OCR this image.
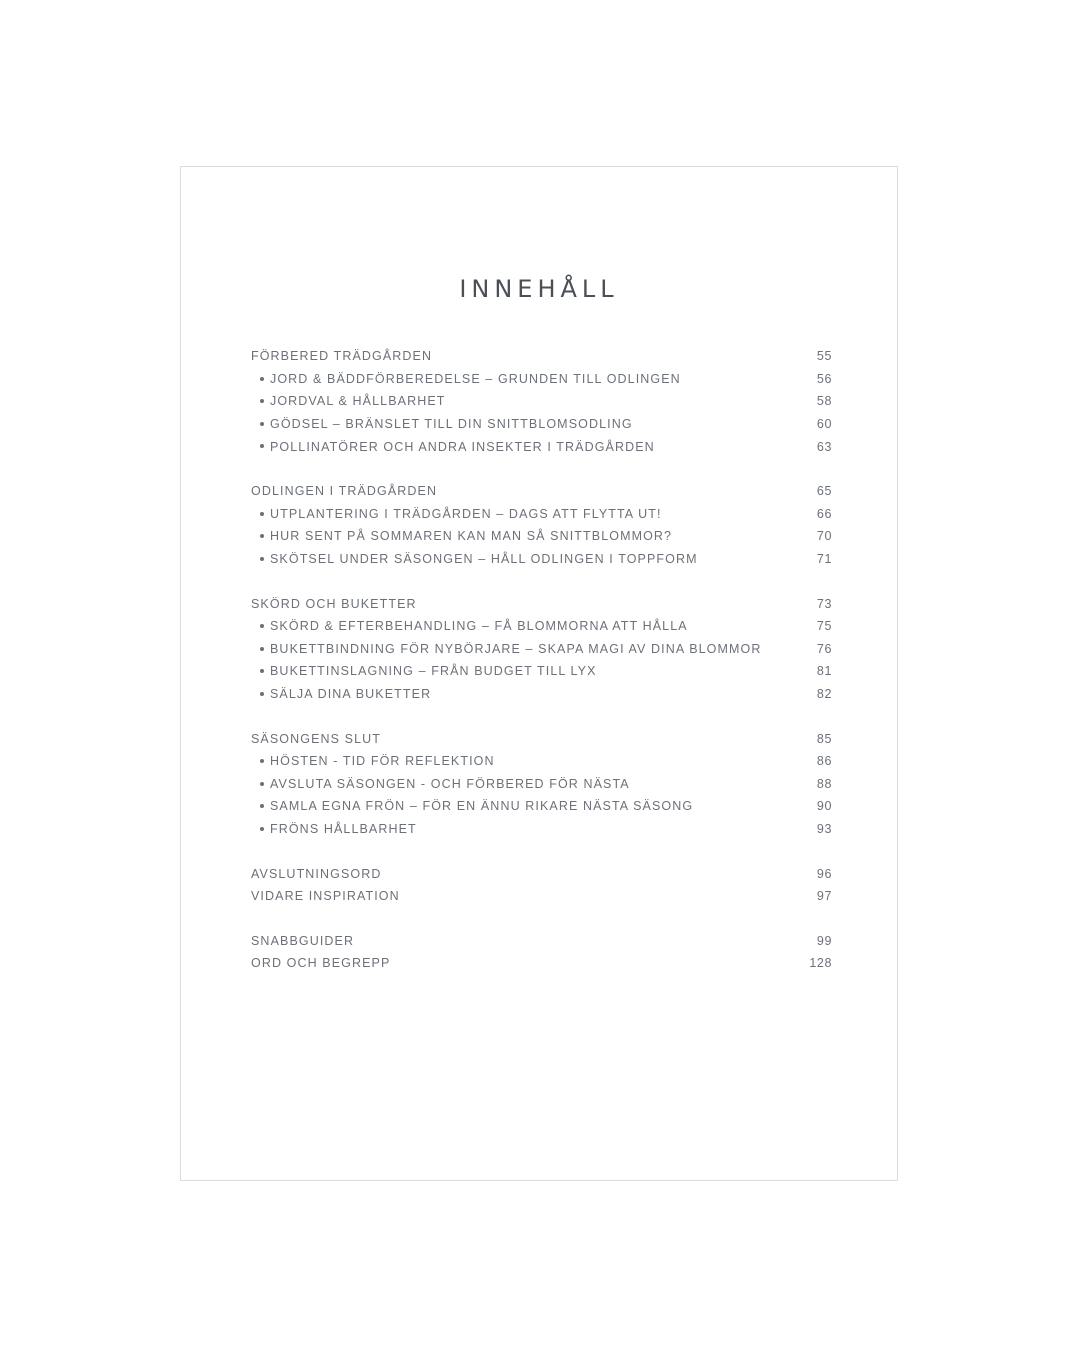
INNEHÅLL
FÖRBERED TRÄDGÅRDEN	55
JORD & BÄDDFÖRBEREDELSE – GRUNDEN TILL ODLINGEN	56
JORDVAL & HÅLLBARHET	58
GÖDSEL – BRÄNSLET TILL DIN SNITTBLOMSODLING	60
POLLINATÖRER OCH ANDRA INSEKTER I TRÄDGÅRDEN	63
ODLINGEN I TRÄDGÅRDEN	65
UTPLANTERING I TRÄDGÅRDEN – DAGS ATT FLYTTA UT!	66
HUR SENT PÅ SOMMAREN KAN MAN SÅ SNITTBLOMMOR?	70
SKÖTSEL UNDER SÄSONGEN – HÅLL ODLINGEN I TOPPFORM	71
SKÖRD OCH BUKETTER	73
SKÖRD & EFTERBEHANDLING – FÅ BLOMMORNA ATT HÅLLA	75
BUKETTBINDNING FÖR NYBÖRJARE – SKAPA MAGI AV DINA BLOMMOR	76
BUKETTINSLAGNING – FRÅN BUDGET TILL LYX	81
SÄLJA DINA BUKETTER	82
SÄSONGENS SLUT	85
HÖSTEN - TID FÖR REFLEKTION	86
AVSLUTA SÄSONGEN - OCH FÖRBERED FÖR NÄSTA	88
SAMLA EGNA FRÖN – FÖR EN ÄNNU RIKARE NÄSTA SÄSONG	90
FRÖNS HÅLLBARHET	93
AVSLUTNINGSORD	96
VIDARE INSPIRATION	97
SNABBGUIDER	99
ORD OCH BEGREPP	128
